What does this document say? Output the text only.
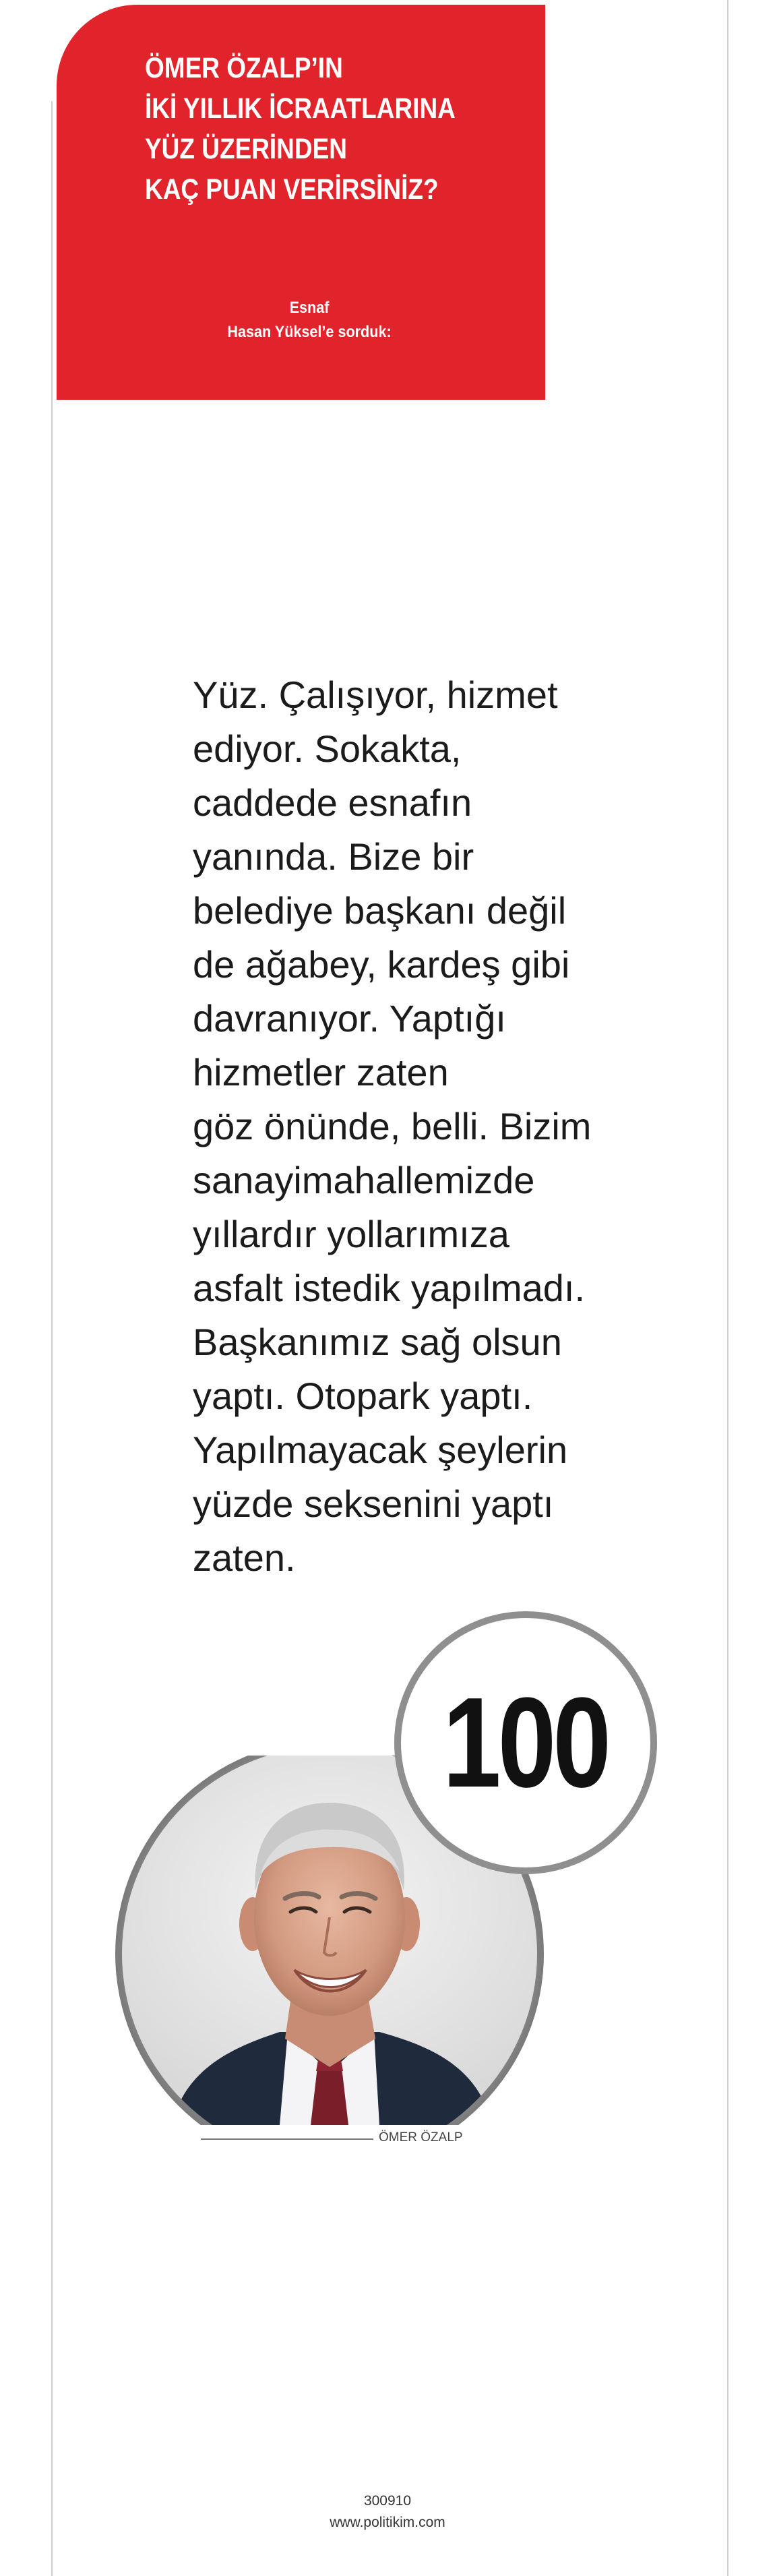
ÖMER ÖZALP’IN
İKİ YILLIK İCRAATLARINA
YÜZ ÜZERİNDEN
KAÇ PUAN VERİRSİNİZ?
Esnaf
Hasan Yüksel’e sorduk:
Yüz. Çalışıyor, hizmet
ediyor. Sokakta,
caddede esnafın
yanında. Bize bir
belediye başkanı değil
de ağabey, kardeş gibi
davranıyor. Yaptığı
hizmetler zaten
göz önünde, belli. Bizim
sanayimahallemizde
yıllardır yollarımıza
asfalt istedik yapılmadı.
Başkanımız sağ olsun
yaptı. Otopark yaptı.
Yapılmayacak şeylerin
yüzde seksenini yaptı
zaten.
100
ÖMER ÖZALP
300910
www.politikim.com
